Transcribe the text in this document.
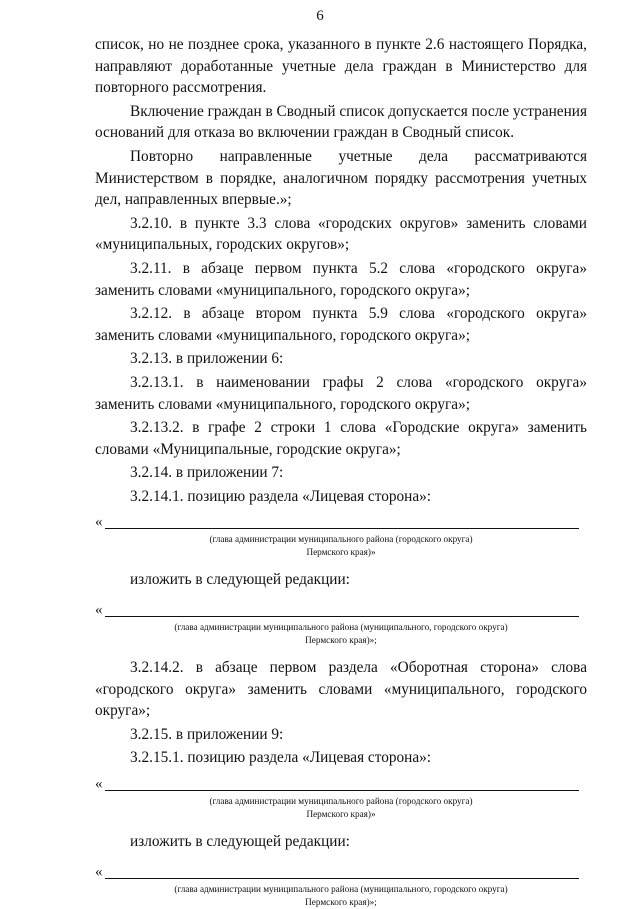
6

список, но не позднее срока, указанного в пункте 2.6 настоящего Порядка, направляют доработанные учетные дела граждан в Министерство для повторного рассмотрения.

Включение граждан в Сводный список допускается после устранения оснований для отказа во включении граждан в Сводный список.

Повторно направленные учетные дела рассматриваются Министерством в порядке, аналогичном порядку рассмотрения учетных дел, направленных впервые.»;

3.2.10. в пункте 3.3 слова «городских округов» заменить словами «муниципальных, городских округов»;

3.2.11. в абзаце первом пункта 5.2 слова «городского округа» заменить словами «муниципального, городского округа»;

3.2.12. в абзаце втором пункта 5.9 слова «городского округа» заменить словами «муниципального, городского округа»;

3.2.13. в приложении 6:

3.2.13.1. в наименовании графы 2 слова «городского округа» заменить словами «муниципального, городского округа»;

3.2.13.2. в графе 2 строки 1 слова «Городские округа» заменить словами «Муниципальные, городские округа»;

3.2.14. в приложении 7:

3.2.14.1. позицию раздела «Лицевая сторона»:

«
(глава администрации муниципального района (городского округа)
Пермского края)»
изложить в следующей редакции:
«
(глава администрации муниципального района (муниципального, городского округа)
Пермского края)»;

3.2.14.2. в абзаце первом раздела «Оборотная сторона» слова «городского округа» заменить словами «муниципального, городского округа»;

3.2.15. в приложении 9:

3.2.15.1. позицию раздела «Лицевая сторона»:

«
(глава администрации муниципального района (городского округа)
Пермского края)»
изложить в следующей редакции:
«
(глава администрации муниципального района (муниципального, городского округа)
Пермского края)»;
